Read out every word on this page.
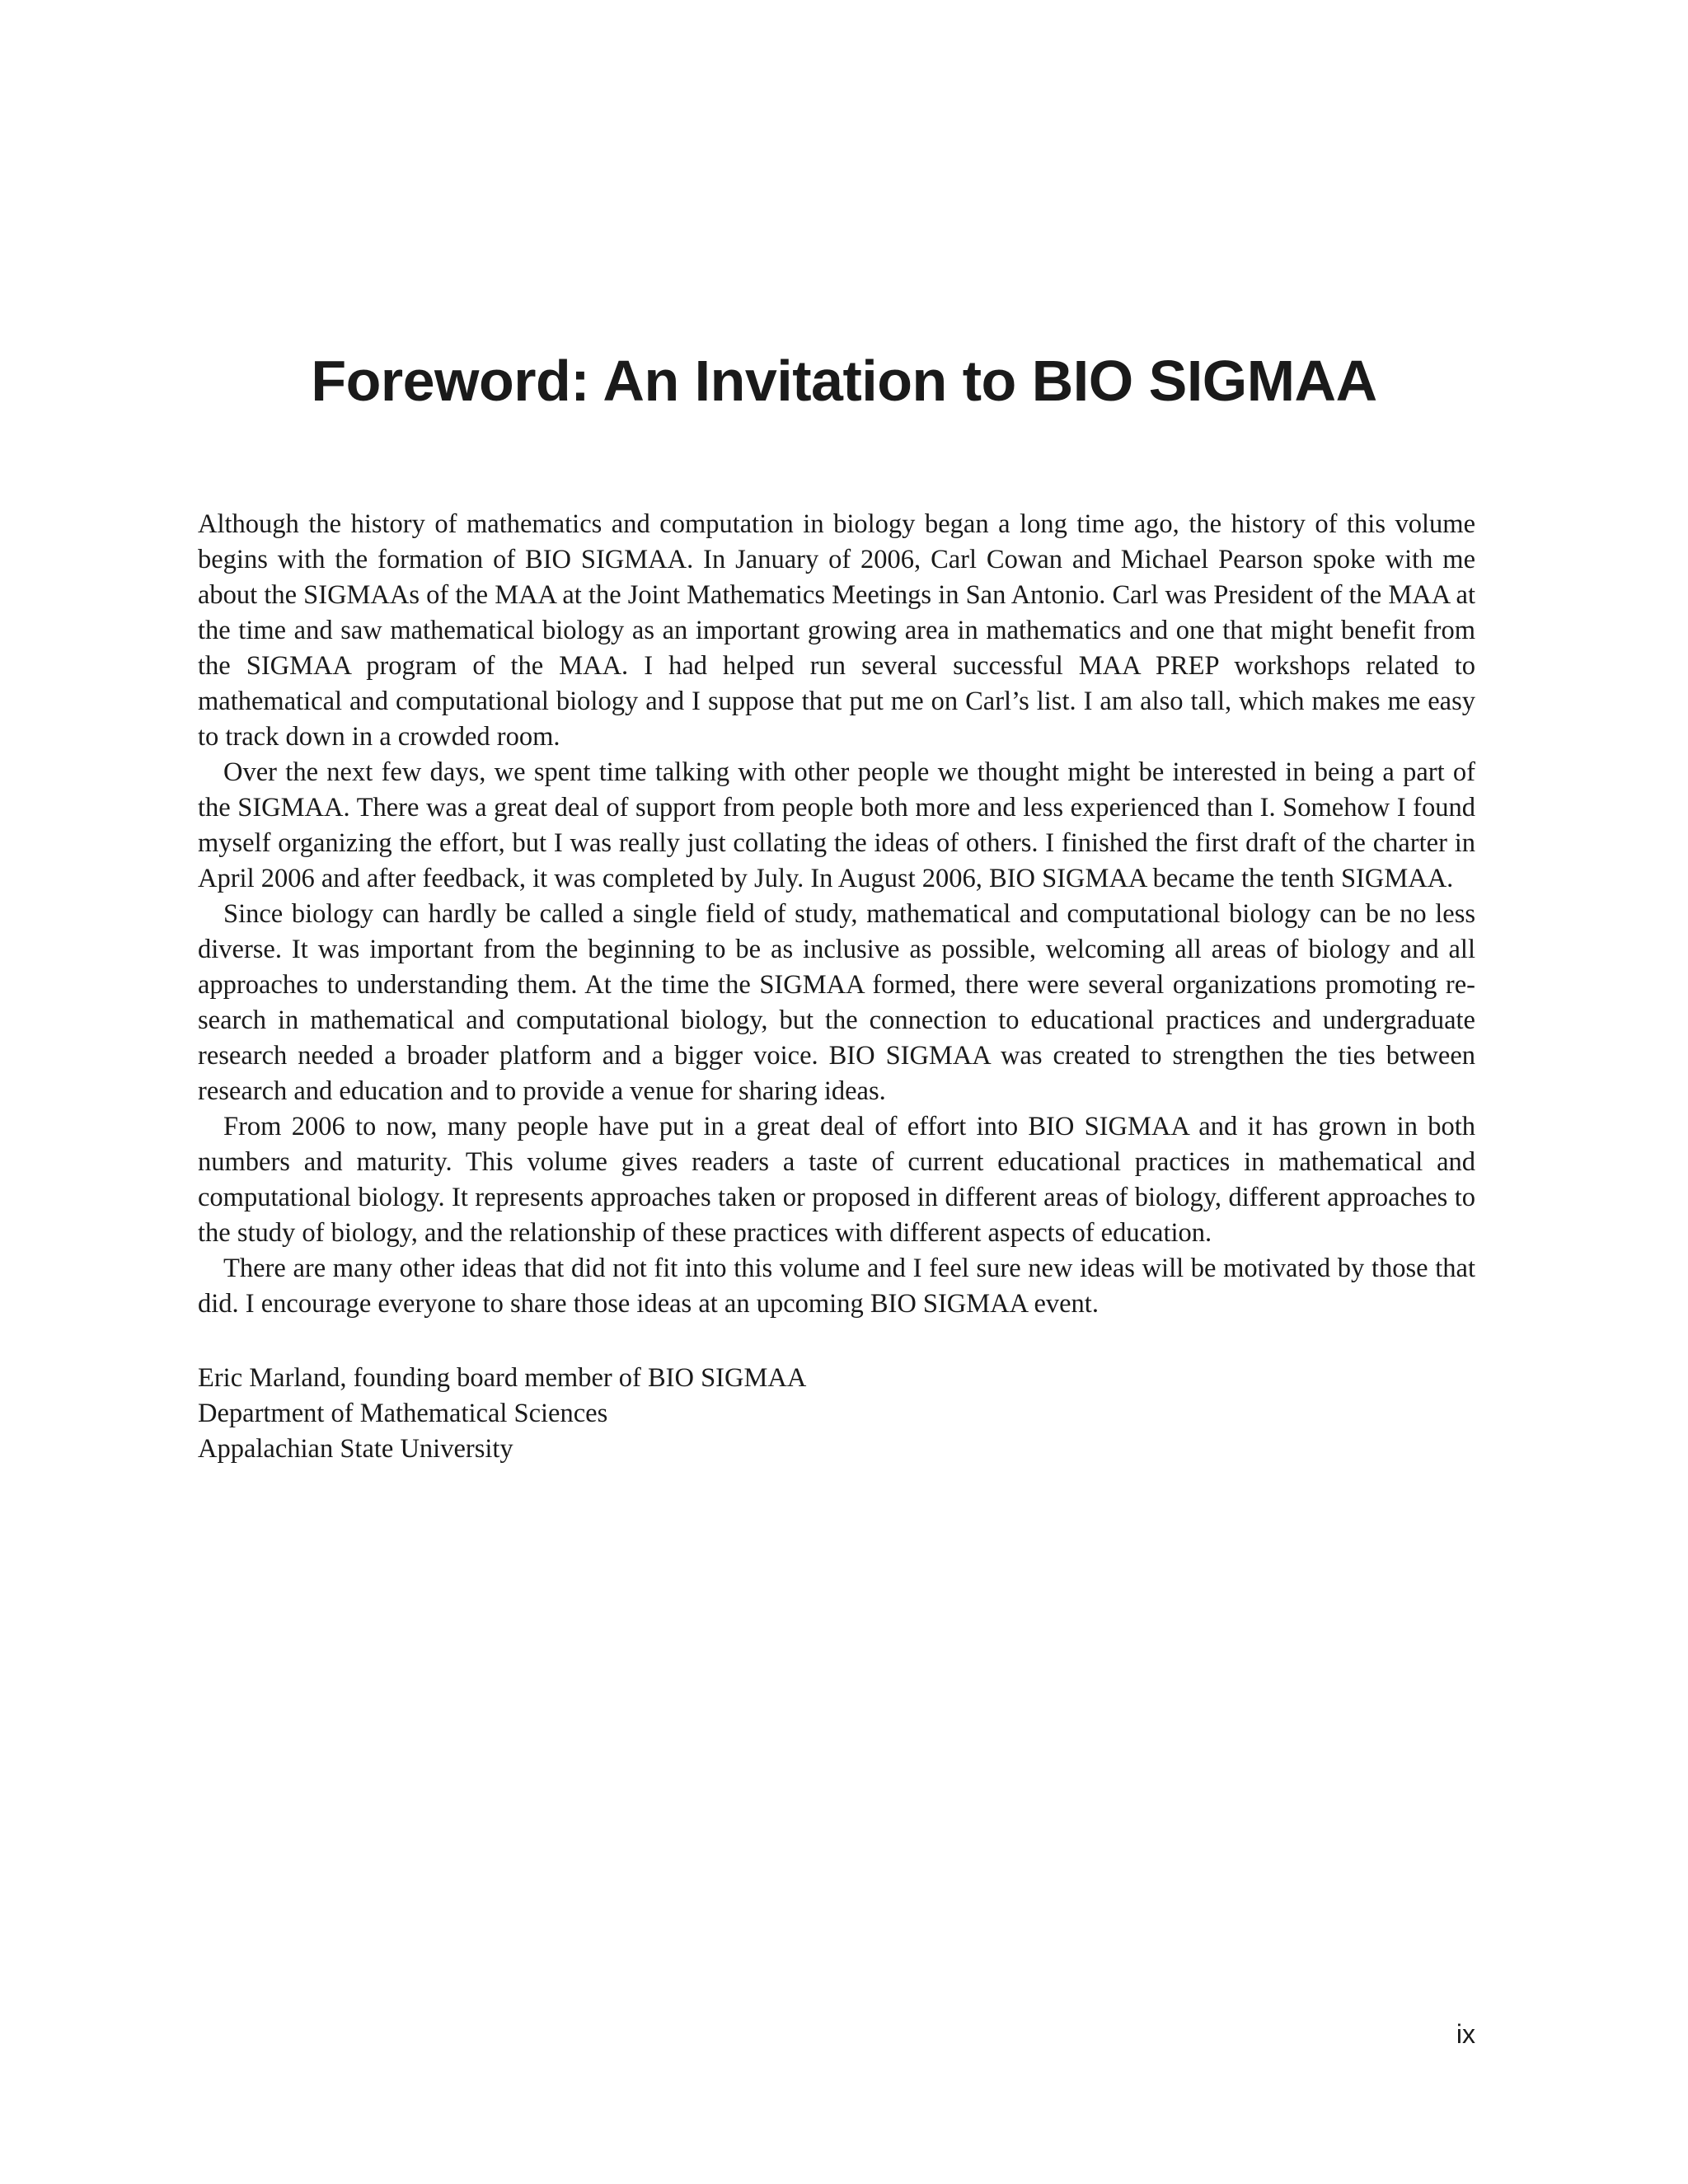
Foreword: An Invitation to BIO SIGMAA

Although the history of mathematics and computation in biology began a long time ago, the history of this volume begins with the formation of BIO SIGMAA. In January of 2006, Carl Cowan and Michael Pearson spoke with me about the SIGMAAs of the MAA at the Joint Mathematics Meetings in San Antonio. Carl was President of the MAA at the time and saw mathematical biology as an important growing area in mathematics and one that might benefit from the SIGMAA program of the MAA. I had helped run several successful MAA PREP workshops related to mathematical and computational biology and I suppose that put me on Carl’s list. I am also tall, which makes me easy to track down in a crowded room.

Over the next few days, we spent time talking with other people we thought might be interested in being a part of the SIGMAA. There was a great deal of support from people both more and less experienced than I. Somehow I found myself organizing the effort, but I was really just collating the ideas of others. I finished the first draft of the charter in April 2006 and after feedback, it was completed by July. In August 2006, BIO SIGMAA became the tenth SIGMAA.

Since biology can hardly be called a single field of study, mathematical and computational biology can be no less diverse. It was important from the beginning to be as inclusive as possible, welcoming all areas of biology and all approaches to understanding them. At the time the SIGMAA formed, there were several organizations promoting re-search in mathematical and computational biology, but the connection to educational practices and undergraduate research needed a broader platform and a bigger voice. BIO SIGMAA was created to strengthen the ties between research and education and to provide a venue for sharing ideas.

From 2006 to now, many people have put in a great deal of effort into BIO SIGMAA and it has grown in both numbers and maturity. This volume gives readers a taste of current educational practices in mathematical and computational biology. It represents approaches taken or proposed in different areas of biology, different approaches to the study of biology, and the relationship of these practices with different aspects of education.

There are many other ideas that did not fit into this volume and I feel sure new ideas will be motivated by those that did. I encourage everyone to share those ideas at an upcoming BIO SIGMAA event.

Eric Marland, founding board member of BIO SIGMAA
Department of Mathematical Sciences
Appalachian State University
ix
